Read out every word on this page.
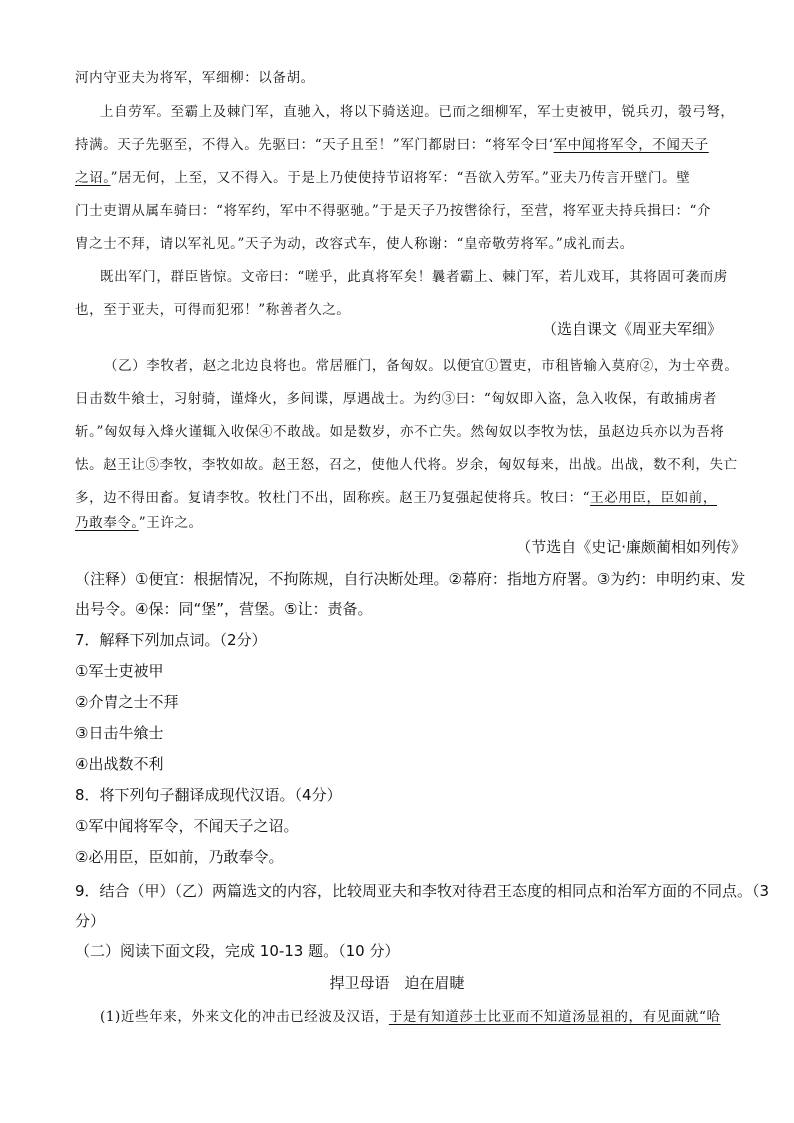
河内守亚夫为将军，军细柳：以备胡。
上自劳军。至霸上及棘门军，直驰入，将以下骑送迎。已而之细柳军，军士吏被甲，锐兵刃，彀弓弩，
持满。天子先驱至，不得入。先驱曰：“天子且至！”军门都尉曰：“将军令曰‘军中闻将军令，不闻天子
之诏。”居无何，上至，又不得入。于是上乃使使持节诏将军：“吾欲入劳军。”亚夫乃传言开壁门。壁
门士吏谓从属车骑曰：“将军约，军中不得驱驰。”于是天子乃按辔徐行，至营，将军亚夫持兵揖曰：“介
胄之士不拜，请以军礼见。”天子为动，改容式车，使人称谢：“皇帝敬劳将军。”成礼而去。
既出军门，群臣皆惊。文帝曰：“嗟乎，此真将军矣！曩者霸上、棘门军，若儿戏耳，其将固可袭而虏
也，至于亚夫，可得而犯邪！”称善者久之。
（选自课文《周亚夫军细》
（乙）李牧者，赵之北边良将也。常居雁门，备匈奴。以便宜①置吏，市租皆输入莫府②，为士卒费。
日击数牛飨士，习射骑，谨烽火，多间谍，厚遇战士。为约③曰：“匈奴即入盗，急入收保，有敢捕虏者
斩。”匈奴每入烽火谨辄入收保④不敢战。如是数岁，亦不亡失。然匈奴以李牧为怯，虽赵边兵亦以为吾将
怯。赵王让⑤李牧，李牧如故。赵王怒，召之，使他人代将。岁余，匈奴每来，出战。出战，数不利，失亡
多，边不得田畜。复请李牧。牧杜门不出，固称疾。赵王乃复强起使将兵。牧曰：“王必用臣，臣如前，
乃敢奉令。”王许之。
（节选自《史记·廉颇蔺相如列传》
（注释）①便宜：根据情况，不拘陈规，自行决断处理。②幕府：指地方府署。③为约：申明约束、发
出号令。④保：同“堡”，营堡。⑤让：责备。
7．解释下列加点词。（2分）
①军士吏被甲
②介胄之士不拜
③日击牛飨士
④出战数不利
8．将下列句子翻译成现代汉语。（4分）
①军中闻将军令，不闻天子之诏。
②必用臣，臣如前，乃敢奉令。
9．结合（甲）（乙）两篇选文的内容，比较周亚夫和李牧对待君王态度的相同点和治军方面的不同点。（3
分）
（二）阅读下面文段，完成 10-13 题。（10 分）
捍卫母语　迫在眉睫
(1)近些年来，外来文化的冲击已经波及汉语，于是有知道莎士比亚而不知道汤显祖的，有见面就“哈
